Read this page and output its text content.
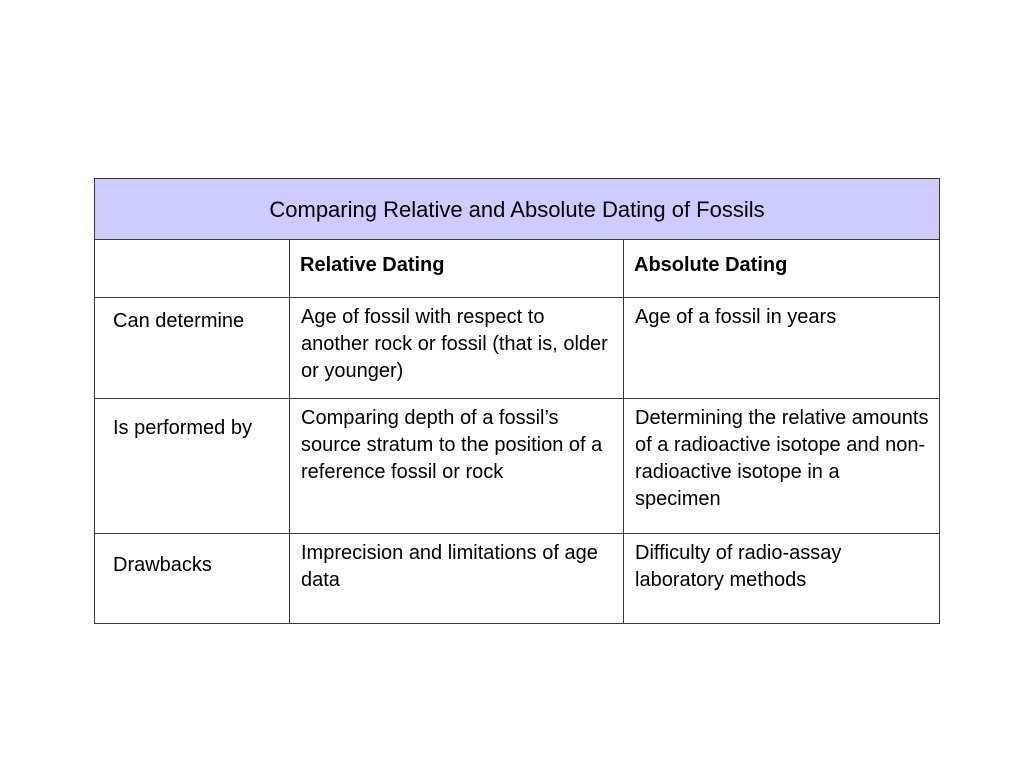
Comparing Relative and Absolute Dating of Fossils		
	Relative Dating	Absolute Dating
Can determine	Age of fossil with respect to another rock or fossil (that is, older or younger)	Age of a fossil in years
Is performed by	Comparing depth of a fossil’s source stratum to the position of a reference fossil or rock	Determining the relative amounts of a radioactive isotope and non-radioactive isotope in a specimen
Drawbacks	Imprecision and limitations of age data	Difficulty of radio-assay laboratory methods
